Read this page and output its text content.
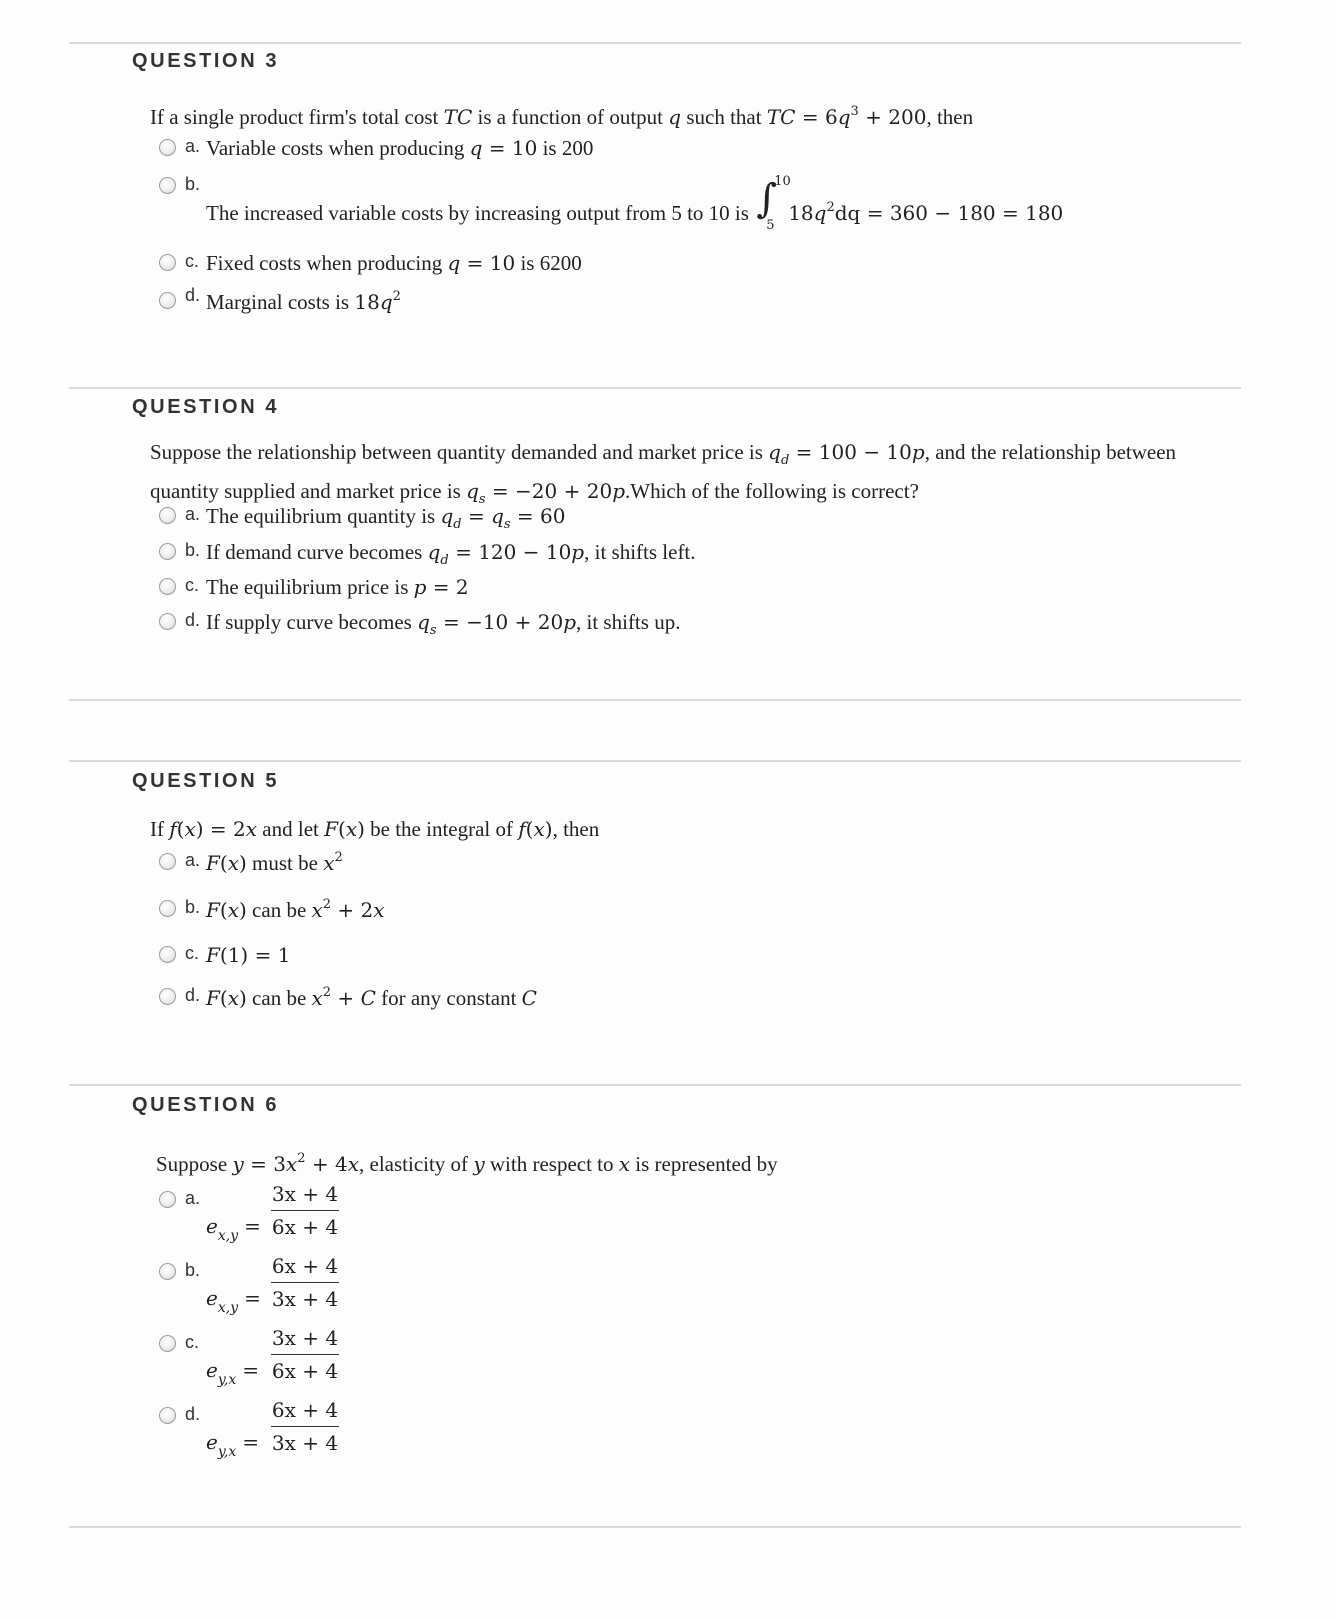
QUESTION 3
If a single product firm's total cost TC is a function of output q such that TC = $6q^3 + 200$, then
a. Variable costs when producing q = 10 is 200
b.
The increased variable costs by increasing output from 5 to 10 is ∫
10
5
$18q^2dq = 360 - 180 = 180$
c. Fixed costs when producing q = 10 is 6200
d. Marginal costs is $18q^2$
QUESTION 4
Suppose the relationship between quantity demanded and market price is $q_d = 100 - 10p$, and the relationship between
quantity supplied and market price is $q_s = -20$ + 20p.Which of the following is correct?
a. The equilibrium quantity is $q_d = q_s = 60$
b. If demand curve becomes $q_d = 120 - 10p$, it shifts left.
c. The equilibrium price is p = 2
d. If supply curve becomes $q_s = -10 + 20p$, it shifts up.
QUESTION 5
If f(x) = 2x and let F(x) be the integral of f(x), then
a. F(x) must be $x^2$
b. F(x) can be $x^2 + 2x$
c. F(1) = 1
d. F(x) can be $x^2 + C$ for any constant C
QUESTION 6
Suppose $y = 3x^2 + 4x$, elasticity of y with respect to x is represented by
a.
$ex,y = \frac{3x + 4}{6x + 4}$
b.
$ex,y = \frac{6x + 4}{3x + 4}$
c.
$ey,x = \frac{3x + 4}{6x + 4}$
d.
$ey,x = \frac{6x + 4}{3x + 4}$
